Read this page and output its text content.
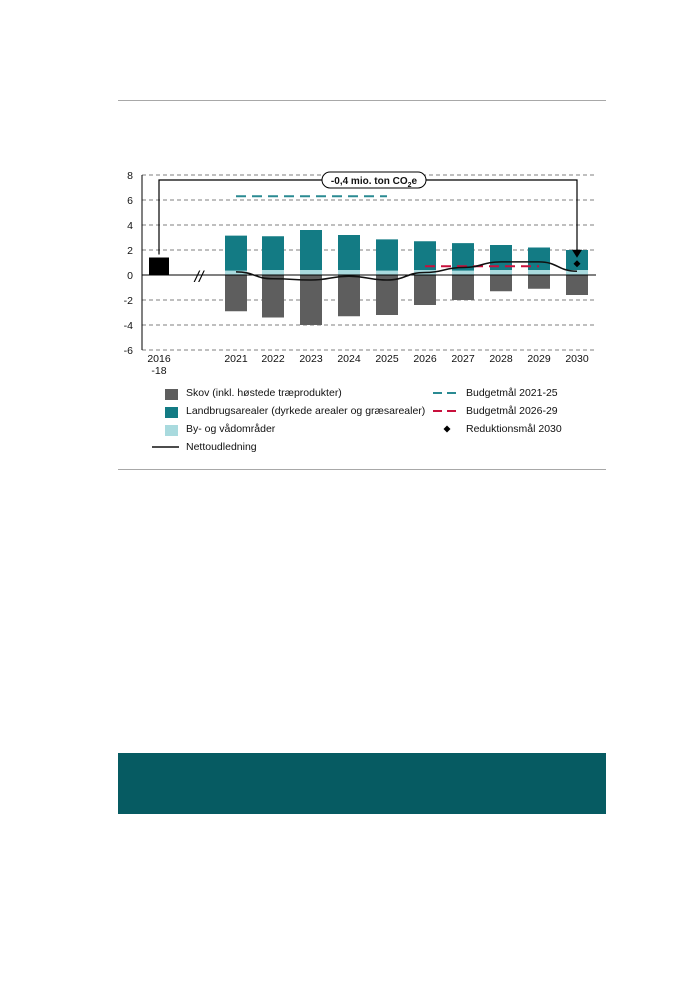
-6
-4
-2
0
2
4
6
8
//
-0,4 mio. ton $CO_2e$
2016
-18
2021 2022 2023 2024 2025 2026 2027 2028 2029 2030
Skov (inkl. høstede træprodukter)
Landbrugsarealer (dyrkede arealer og græsarealer)
By- og vådområder
Nettoudledning
Budgetmål 2021-25
Budgetmål 2026-29
Reduktionsmål 2030
